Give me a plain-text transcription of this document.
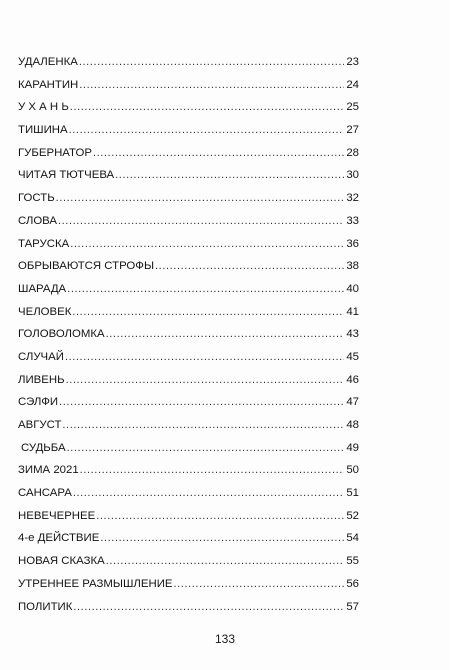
УДАЛЕНКА .....	23
КАРАНТИН .....	24
У Х А Н Ь .....	25
ТИШИНА .....	27
ГУБЕРНАТОР .....	28
ЧИТАЯ ТЮТЧЕВА .....	30
ГОСТЬ .....	32
СЛОВА .....	33
ТАРУСКА .....	36
ОБРЫВАЮТСЯ СТРОФЫ .....	38
ШАРАДА .....	40
ЧЕЛОВЕК .....	41
ГОЛОВОЛОМКА .....	43
СЛУЧАЙ .....	45
ЛИВЕНЬ .....	46
СЭЛФИ .....	47
АВГУСТ .....	48
СУДЬБА .....	49
ЗИМА 2021 .....	50
САНСАРА .....	51
НЕВЕЧЕРНЕЕ .....	52
4-е ДЕЙСТВИЕ .....	54
НОВАЯ СКАЗКА .....	55
УТРЕННЕЕ РАЗМЫШЛЕНИЕ .....	56
ПОЛИТИК .....	57
133
